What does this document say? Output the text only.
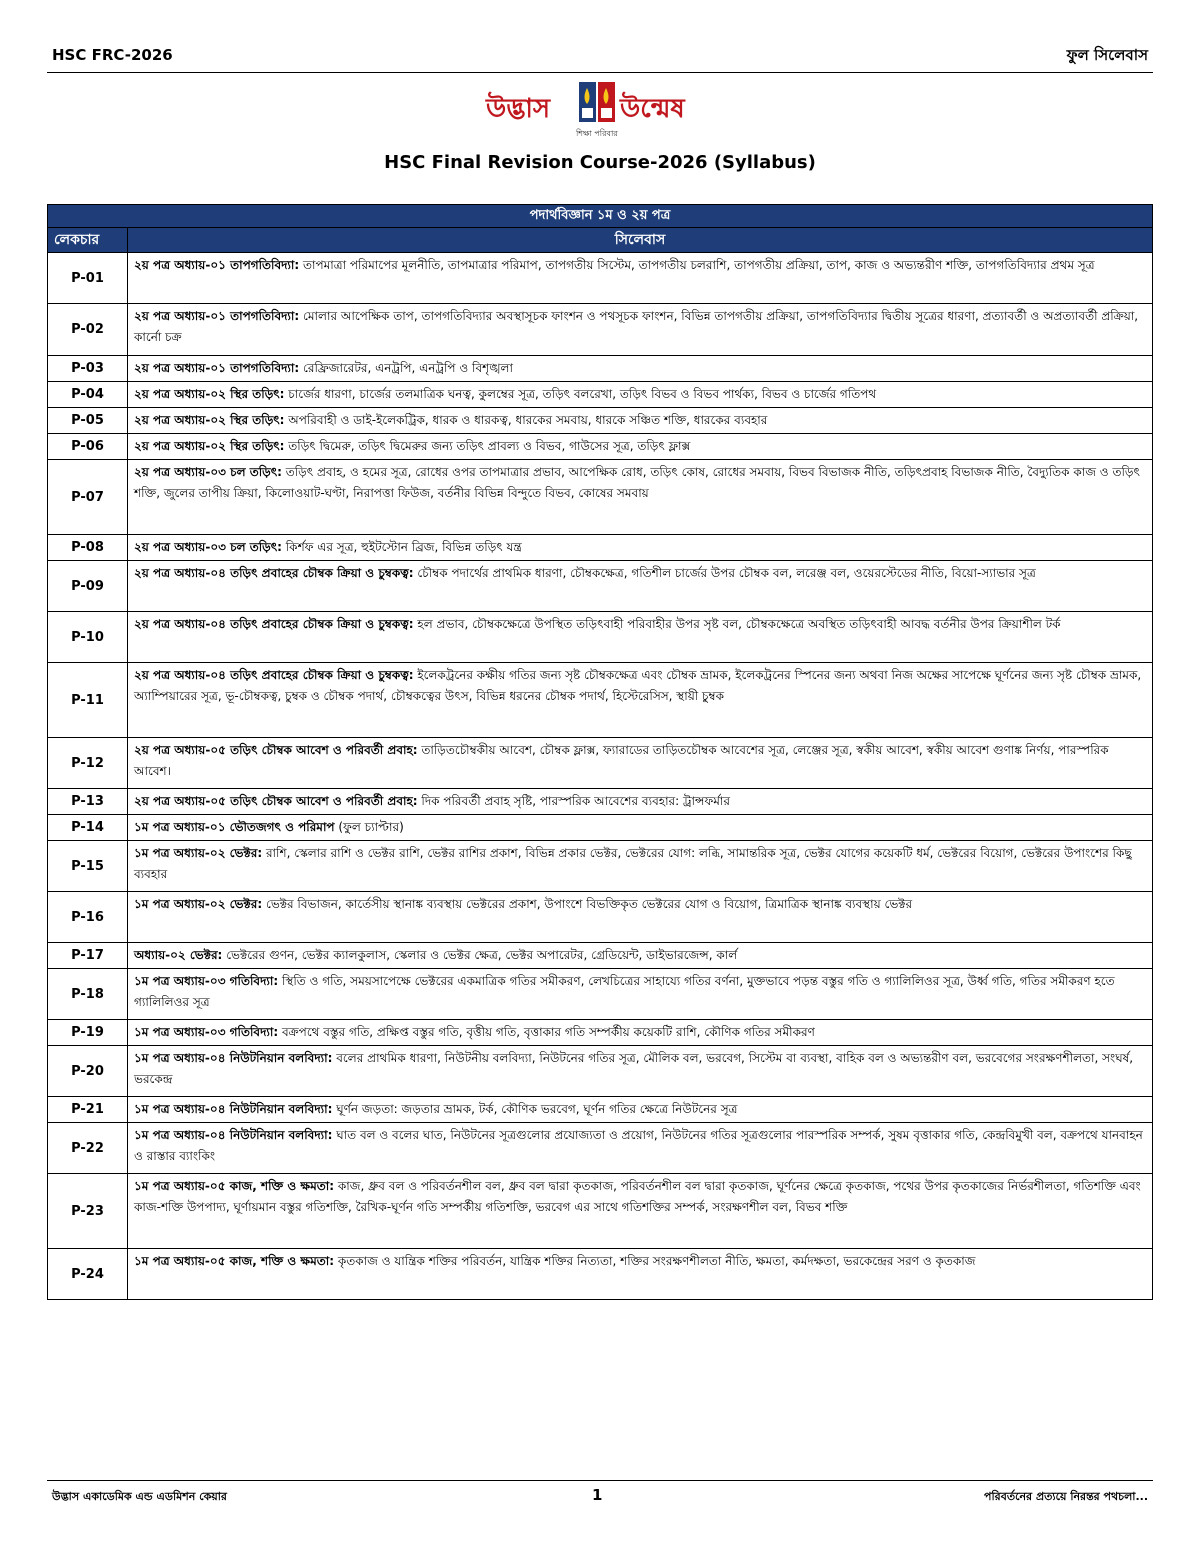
HSC FRC-2026	ফুল সিলেবাস
উদ্ভাস	উন্মেষ
শিক্ষা পরিবার
HSC Final Revision Course-2026 (Syllabus)
পদার্থবিজ্ঞান ১ম ও ২য় পত্র	
লেকচার	সিলেবাস
P-01	২য় পত্র অধ্যায়-০১ তাপগতিবিদ্যা: তাপমাত্রা পরিমাপের মূলনীতি, তাপমাত্রার পরিমাপ, তাপগতীয় সিস্টেম, তাপগতীয় চলরাশি, তাপগতীয় প্রক্রিয়া, তাপ, কাজ ও অভ্যন্তরীণ শক্তি, তাপগতিবিদ্যার প্রথম সূত্র
P-02	২য় পত্র অধ্যায়-০১ তাপগতিবিদ্যা: মোলার আপেক্ষিক তাপ, তাপগতিবিদ্যার অবস্থাসূচক ফাংশন ও পথসূচক ফাংশন, বিভিন্ন তাপগতীয় প্রক্রিয়া, তাপগতিবিদ্যার দ্বিতীয় সূত্রের ধারণা, প্রত্যাবর্তী ও অপ্রত্যাবর্তী প্রক্রিয়া, কার্নো চক্র
P-03	২য় পত্র অধ্যায়-০১ তাপগতিবিদ্যা: রেফ্রিজারেটর, এনট্রপি, এনট্রপি ও বিশৃঙ্খলা
P-04	২য় পত্র অধ্যায়-০২ স্থির তড়িৎ: চার্জের ধারণা, চার্জের তলমাত্রিক ঘনত্ব, কুলম্বের সূত্র, তড়িৎ বলরেখা, তড়িৎ বিভব ও বিভব পার্থক্য, বিভব ও চার্জের গতিপথ
P-05	২য় পত্র অধ্যায়-০২ স্থির তড়িৎ: অপরিবাহী ও ডাই-ইলেকট্রিক, ধারক ও ধারকত্ব, ধারকের সমবায়, ধারকে সঞ্চিত শক্তি, ধারকের ব্যবহার
P-06	২য় পত্র অধ্যায়-০২ স্থির তড়িৎ: তড়িৎ দ্বিমেরু, তড়িৎ দ্বিমেরুর জন্য তড়িৎ প্রাবল্য ও বিভব, গাউসের সূত্র, তড়িৎ ফ্লাক্স
P-07	২য় পত্র অধ্যায়-০৩ চল তড়িৎ: তড়িৎ প্রবাহ, ও হমের সূত্র, রোধের ওপর তাপমাত্রার প্রভাব, আপেক্ষিক রোধ, তড়িৎ কোষ, রোধের সমবায়, বিভব বিভাজক নীতি, তড়িৎপ্রবাহ বিভাজক নীতি, বৈদ্যুতিক কাজ ও তড়িৎ শক্তি, জুলের তাপীয় ক্রিয়া, কিলোওয়াট-ঘণ্টা, নিরাপত্তা ফিউজ, বর্তনীর বিভিন্ন বিন্দুতে বিভব, কোষের সমবায়
P-08	২য় পত্র অধ্যায়-০৩ চল তড়িৎ: কির্শফ এর সূত্র, হুইটস্টোন ব্রিজ, বিভিন্ন তড়িৎ যন্ত্র
P-09	২য় পত্র অধ্যায়-০৪ তড়িৎ প্রবাহের চৌম্বক ক্রিয়া ও চুম্বকত্ব: চৌম্বক পদার্থের প্রাথমিক ধারণা, চৌম্বকক্ষেত্র, গতিশীল চার্জের উপর চৌম্বক বল, লরেঞ্জ বল, ওয়েরস্টেডের নীতি, বিয়ো-স্যাভার সূত্র
P-10	২য় পত্র অধ্যায়-০৪ তড়িৎ প্রবাহের চৌম্বক ক্রিয়া ও চুম্বকত্ব: হল প্রভাব, চৌম্বকক্ষেত্রে উপস্থিত তড়িৎবাহী পরিবাহীর উপর সৃষ্ট বল, চৌম্বকক্ষেত্রে অবস্থিত তড়িৎবাহী আবদ্ধ বর্তনীর উপর ক্রিয়াশীল টর্ক
P-11	২য় পত্র অধ্যায়-০৪ তড়িৎ প্রবাহের চৌম্বক ক্রিয়া ও চুম্বকত্ব: ইলেকট্রনের কক্ষীয় গতির জন্য সৃষ্ট চৌম্বকক্ষেত্র এবং চৌম্বক ভ্রামক, ইলেকট্রনের স্পিনের জন্য অথবা নিজ অক্ষের সাপেক্ষে ঘূর্ণনের জন্য সৃষ্ট চৌম্বক ভ্রামক, অ্যাম্পিয়ারের সূত্র, ভূ-চৌম্বকত্ব, চুম্বক ও চৌম্বক পদার্থ, চৌম্বকত্বের উৎস, বিভিন্ন ধরনের চৌম্বক পদার্থ, হিস্টেরেসিস, স্থায়ী চুম্বক
P-12	২য় পত্র অধ্যায়-০৫ তড়িৎ চৌম্বক আবেশ ও পরিবর্তী প্রবাহ: তাড়িতচৌম্বকীয় আবেশ, চৌম্বক ফ্লাক্স, ফ্যারাডের তাড়িতচৌম্বক আবেশের সূত্র, লেঞ্জের সূত্র, স্বকীয় আবেশ, স্বকীয় আবেশ গুণাঙ্ক নির্ণয়, পারস্পরিক আবেশ।
P-13	২য় পত্র অধ্যায়-০৫ তড়িৎ চৌম্বক আবেশ ও পরিবর্তী প্রবাহ: দিক পরিবর্তী প্রবাহ সৃষ্টি, পারস্পরিক আবেশের ব্যবহার: ট্রান্সফর্মার
P-14	১ম পত্র অধ্যায়-০১ ভৌতজগৎ ও পরিমাপ (ফুল চ্যাপ্টার)
P-15	১ম পত্র অধ্যায়-০২ ভেক্টর: রাশি, স্কেলার রাশি ও ভেক্টর রাশি, ভেক্টর রাশির প্রকাশ, বিভিন্ন প্রকার ভেক্টর, ভেক্টরের যোগ: লব্ধি, সামান্তরিক সূত্র, ভেক্টর যোগের কয়েকটি ধর্ম, ভেক্টরের বিয়োগ, ভেক্টরের উপাংশের কিছু ব্যবহার
P-16	১ম পত্র অধ্যায়-০২ ভেক্টর: ভেক্টর বিভাজন, কার্তেসীয় স্থানাঙ্ক ব্যবস্থায় ভেক্টরের প্রকাশ, উপাংশে বিভক্তিকৃত ভেক্টরের যোগ ও বিয়োগ, ত্রিমাত্রিক স্থানাঙ্ক ব্যবস্থায় ভেক্টর
P-17	অধ্যায়-০২ ভেক্টর: ভেক্টরের গুণন, ভেক্টর ক্যালকুলাস, স্কেলার ও ভেক্টর ক্ষেত্র, ভেক্টর অপারেটর, গ্রেডিয়েন্ট, ডাইভারজেন্স, কার্ল
P-18	১ম পত্র অধ্যায়-০৩ গতিবিদ্যা: স্থিতি ও গতি, সময়সাপেক্ষে ভেক্টরের একমাত্রিক গতির সমীকরণ, লেখচিত্রের সাহায্যে গতির বর্ণনা, মুক্তভাবে পড়ন্ত বস্তুর গতি ও গ্যালিলিওর সূত্র, উর্ধ্ব গতি, গতির সমীকরণ হতে গ্যালিলিওর সূত্র
P-19	১ম পত্র অধ্যায়-০৩ গতিবিদ্যা: বক্রপথে বস্তুর গতি, প্রক্ষিপ্ত বস্তুর গতি, বৃত্তীয় গতি, বৃত্তাকার গতি সম্পর্কীয় কয়েকটি রাশি, কৌণিক গতির সমীকরণ
P-20	১ম পত্র অধ্যায়-০৪ নিউটনিয়ান বলবিদ্যা: বলের প্রাথমিক ধারণা, নিউটনীয় বলবিদ্যা, নিউটনের গতির সূত্র, মৌলিক বল, ভরবেগ, সিস্টেম বা ব্যবস্থা, বাহিক বল ও অভ্যন্তরীণ বল, ভরবেগের সংরক্ষণশীলতা, সংঘর্ষ, ভরকেন্দ্র
P-21	১ম পত্র অধ্যায়-০৪ নিউটনিয়ান বলবিদ্যা: ঘূর্ণন জড়তা: জড়তার ভ্রামক, টর্ক, কৌণিক ভরবেগ, ঘূর্ণন গতির ক্ষেত্রে নিউটনের সূত্র
P-22	১ম পত্র অধ্যায়-০৪ নিউটনিয়ান বলবিদ্যা: ঘাত বল ও বলের ঘাত, নিউটনের সূত্রগুলোর প্রযোজ্যতা ও প্রয়োগ, নিউটনের গতির সূত্রগুলোর পারস্পরিক সম্পর্ক, সুষম বৃত্তাকার গতি, কেন্দ্রবিমুখী বল, বক্রপথে যানবাহন ও রাস্তার ব্যাংকিং
P-23	১ম পত্র অধ্যায়-০৫ কাজ, শক্তি ও ক্ষমতা: কাজ, ধ্রুব বল ও পরিবর্তনশীল বল, ধ্রুব বল দ্বারা কৃতকাজ, পরিবর্তনশীল বল দ্বারা কৃতকাজ, ঘূর্ণনের ক্ষেত্রে কৃতকাজ, পথের উপর কৃতকাজের নির্ভরশীলতা, গতিশক্তি এবং কাজ-শক্তি উপপাদ্য, ঘূর্ণায়মান বস্তুর গতিশক্তি, রৈখিক-ঘূর্ণন গতি সম্পর্কীয় গতিশক্তি, ভরবেগ এর সাথে গতিশক্তির সম্পর্ক, সংরক্ষণশীল বল, বিভব শক্তি
P-24	১ম পত্র অধ্যায়-০৫ কাজ, শক্তি ও ক্ষমতা: কৃতকাজ ও যান্ত্রিক শক্তির পরিবর্তন, যান্ত্রিক শক্তির নিত্যতা, শক্তির সংরক্ষণশীলতা নীতি, ক্ষমতা, কর্মদক্ষতা, ভরকেন্দ্রের সরণ ও কৃতকাজ
উদ্ভাস একাডেমিক এন্ড এডমিশন কেয়ার	1	পরিবর্তনের প্রত্যয়ে নিরন্তর পথচলা...
